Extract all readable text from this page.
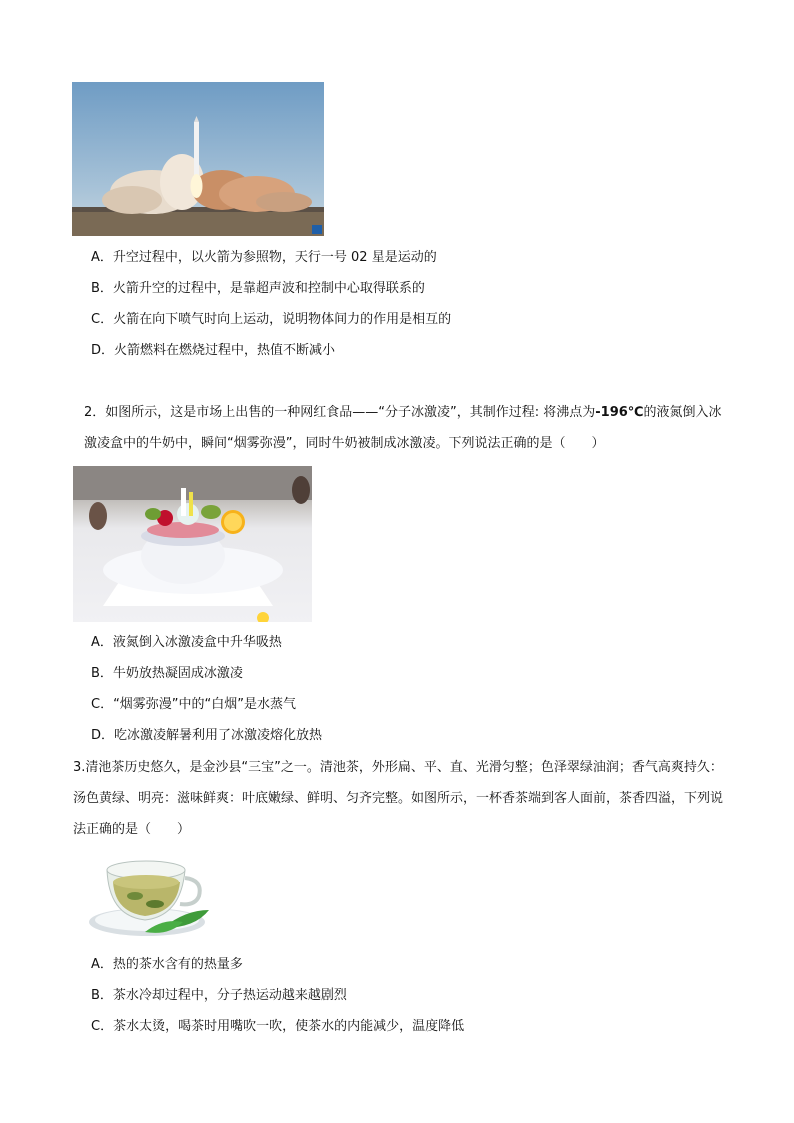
A．升空过程中，以火箭为参照物，天行一号 02 星是运动的
B．火箭升空的过程中，是靠超声波和控制中心取得联系的
C．火箭在向下喷气时向上运动，说明物体间力的作用是相互的
D．火箭燃料在燃烧过程中，热值不断减小
2．如图所示，这是市场上出售的一种网红食品——“分子冰激凌”，其制作过程: 将沸点为-196℃的液氮倒入冰激凌盒中的牛奶中，瞬间“烟雾弥漫”，同时牛奶被制成冰激凌。下列说法正确的是（　　）
A．液氮倒入冰激凌盒中升华吸热
B．牛奶放热凝固成冰激凌
C．“烟雾弥漫”中的“白烟”是水蒸气
D．吃冰激凌解暑利用了冰激凌熔化放热
3.清池茶历史悠久，是金沙县“三宝”之一。清池茶，外形扁、平、直、光滑匀整；色泽翠绿油润；香气高爽持久：汤色黄绿、明亮：滋味鲜爽：叶底嫩绿、鲜明、匀齐完整。如图所示，一杯香茶端到客人面前，茶香四溢，下列说法正确的是（　　）
A．热的茶水含有的热量多
B．茶水冷却过程中，分子热运动越来越剧烈
C．茶水太烫，喝茶时用嘴吹一吹，使茶水的内能减少，温度降低
